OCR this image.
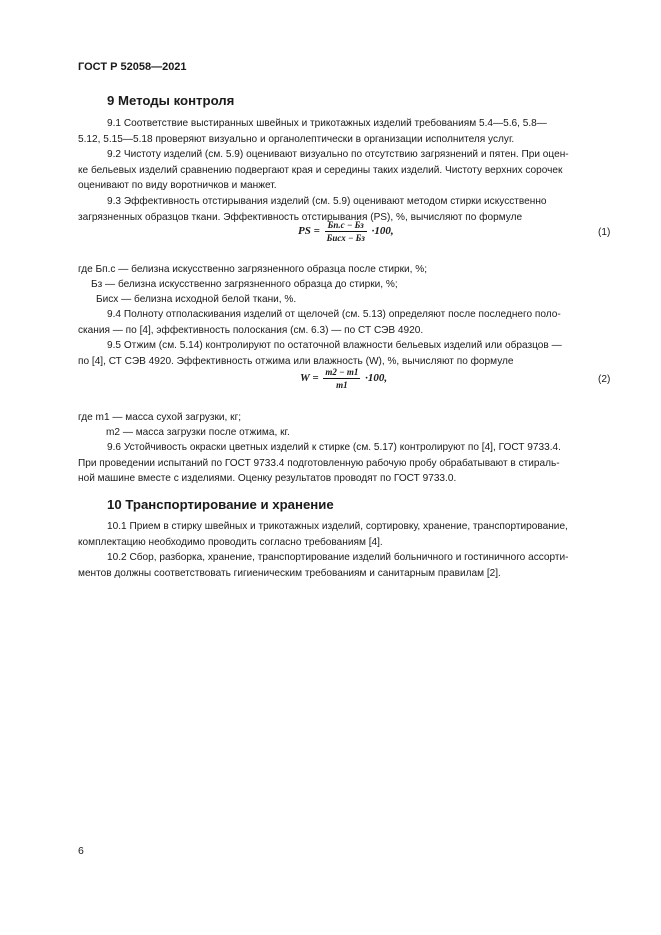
ГОСТ Р 52058—2021
9 Методы контроля

9.1 Соответствие выстиранных швейных и трикотажных изделий требованиям 5.4—5.6, 5.8—

5.12, 5.15—5.18 проверяют визуально и органолептически в организации исполнителя услуг.

9.2 Чистоту изделий (см. 5.9) оценивают визуально по отсутствию загрязнений и пятен. При оцен-

ке бельевых изделий сравнению подвергают края и середины таких изделий. Чистоту верхних сорочек

оценивают по виду воротничков и манжет.

9.3 Эффективность отстирывания изделий (см. 5.9) оценивают методом стирки искусственно

загрязненных образцов ткани. Эффективность отстирывания (PS), %, вычисляют по формуле

PS = $\frac{Бп.с - Бз}{\text{Бисх − Бз}} \cdot 100$,	(1)
где Бп.с — белизна искусственно загрязненного образца после стирки, %;
Бз — белизна искусственно загрязненного образца до стирки, %;
Бисх — белизна исходной белой ткани, %.

9.4 Полноту отполаскивания изделий от щелочей (см. 5.13) определяют после последнего поло-

скания — по [4], эффективность полоскания (см. 6.3) — по СТ СЭВ 4920.

9.5 Отжим (см. 5.14) контролируют по остаточной влажности бельевых изделий или образцов —

по [4], СТ СЭВ 4920. Эффективность отжима или влажность (W), %, вычисляют по формуле

$W = \frac{m2 - m1}{m1} \cdot 100$,	(2)
где m1 — масса сухой загрузки, кг;
m2 — масса загрузки после отжима, кг.

9.6 Устойчивость окраски цветных изделий к стирке (см. 5.17) контролируют по [4], ГОСТ 9733.4.

При проведении испытаний по ГОСТ 9733.4 подготовленную рабочую пробу обрабатывают в стираль-

ной машине вместе с изделиями. Оценку результатов проводят по ГОСТ 9733.0.

10 Транспортирование и хранение

10.1 Прием в стирку швейных и трикотажных изделий, сортировку, хранение, транспортирование,

комплектацию необходимо проводить согласно требованиям [4].

10.2 Сбор, разборка, хранение, транспортирование изделий больничного и гостиничного ассорти-

ментов должны соответствовать гигиеническим требованиям и санитарным правилам [2].

6
